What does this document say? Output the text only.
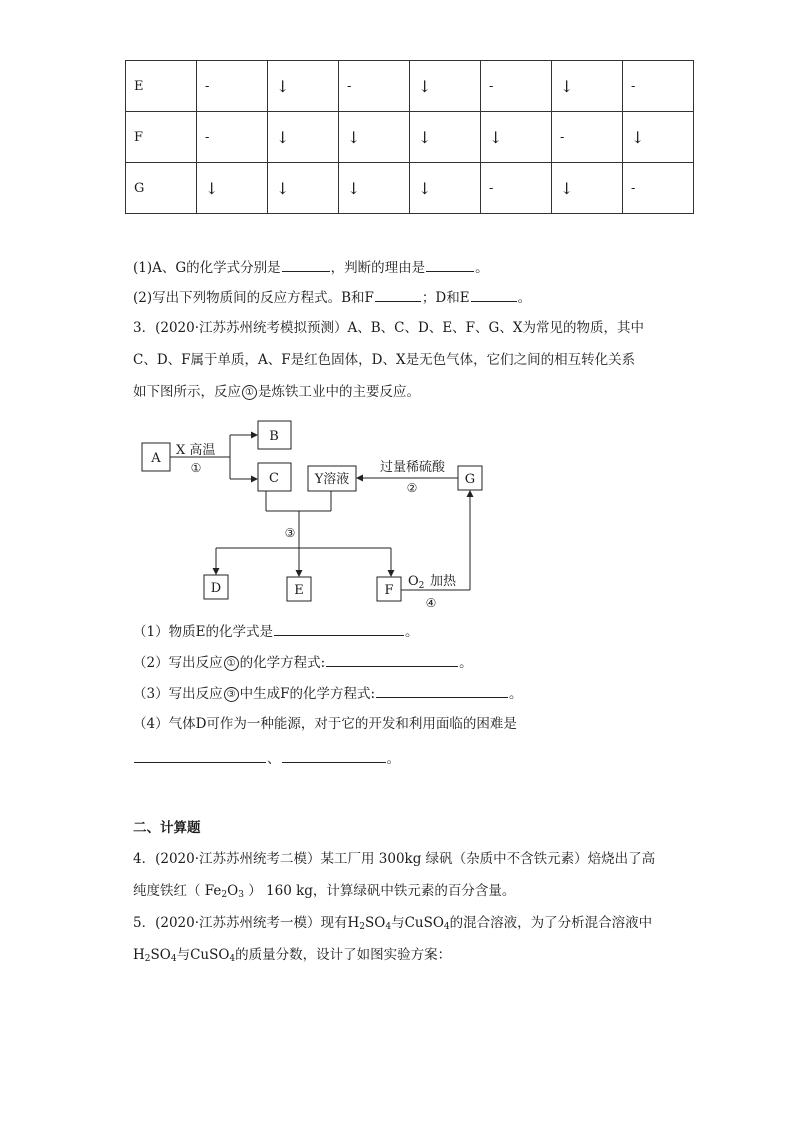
E	-	↓	-	↓	-	↓	-
F	-	↓	↓	↓	↓	-	↓
G	↓	↓	↓	↓	-	↓	-
(1)A、G的化学式分别是	，判断的理由是	。
(2)写出下列物质间的反应方程式。B和F	；D和E	。
3．(2020·江苏苏州统考模拟预测）A、B、C、D、E、F、G、X为常见的物质，其中
C、D、F属于单质，A、F是红色固体，D、X是无色气体，它们之间的相互转化关系
如下图所示，反应 ① 是炼铁工业中的主要反应。
A
B
C	Y溶液	G
D	E	F
X 高温
①	过量稀硫酸
②
③
$O_2$ 加热
④
（1）物质E的化学式是	。
（2）写出反应 ① 的化学方程式:	。
（3）写出反应 ③ 中生成F的化学方程式:	。
（4）气体D可作为一种能源，对于它的开发和利用面临的困难是
、	。
二、计算题
4．(2020·江苏苏州统考二模）某工厂用 300kg 绿矾（杂质中不含铁元素）焙烧出了高
纯度铁红（ $Fe_2O_3$ ） 160 kg，计算绿矾中铁元素的百分含量。
5．(2020·江苏苏州统考一模）现有$H_2SO_4$与CuSO$_4$的混合溶液，为了分析混合溶液中
$H_2SO_4$与CuSO$_4$的质量分数，设计了如图实验方案：
